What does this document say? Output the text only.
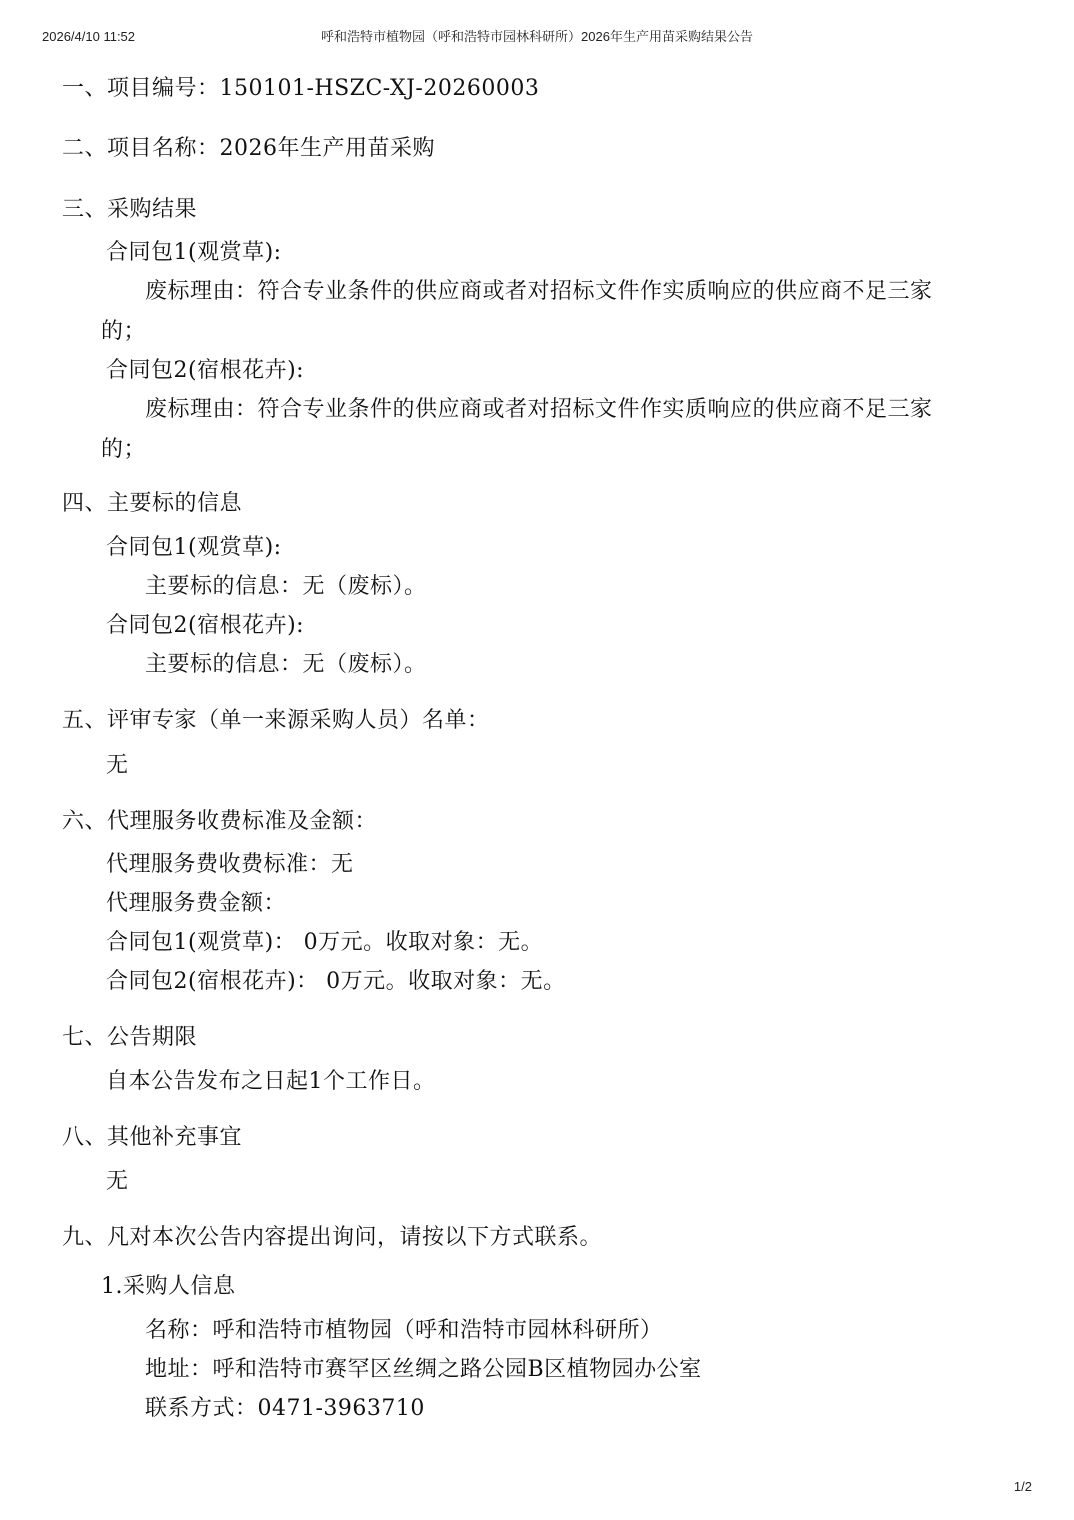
2026/4/10 11:52	呼和浩特市植物园（呼和浩特市园林科研所）2026年生产用苗采购结果公告
一、项目编号：150101-HSZC-XJ-20260003
二、项目名称：2026年生产用苗采购
三、采购结果
合同包1(观赏草):
废标理由：符合专业条件的供应商或者对招标文件作实质响应的供应商不足三家
的；
合同包2(宿根花卉):
废标理由：符合专业条件的供应商或者对招标文件作实质响应的供应商不足三家
的；
四、主要标的信息
合同包1(观赏草):
主要标的信息：无（废标）。
合同包2(宿根花卉):
主要标的信息：无（废标）。
五、评审专家（单一来源采购人员）名单：
无
六、代理服务收费标准及金额：
代理服务费收费标准：无
代理服务费金额：
合同包1(观赏草)： 0万元。收取对象：无。
合同包2(宿根花卉)： 0万元。收取对象：无。
七、公告期限
自本公告发布之日起1个工作日。
八、其他补充事宜
无
九、凡对本次公告内容提出询问，请按以下方式联系。
1.采购人信息
名称：呼和浩特市植物园（呼和浩特市园林科研所）
地址：呼和浩特市赛罕区丝绸之路公园B区植物园办公室
联系方式：0471-3963710
1/2
